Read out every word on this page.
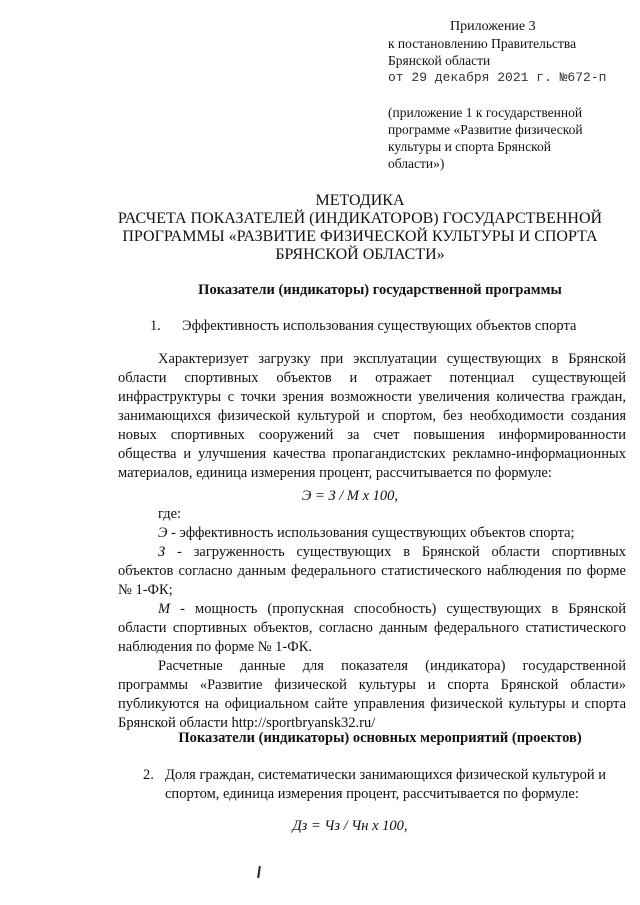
Приложение 3
к постановлению Правительства
Брянской области
от 29 декабря 2021 г. №672-п
(приложение 1 к государственной
программе «Развитие физической
культуры и спорта Брянской
области»)
МЕТОДИКА
РАСЧЕТА ПОКАЗАТЕЛЕЙ (ИНДИКАТОРОВ) ГОСУДАРСТВЕННОЙ
ПРОГРАММЫ «РАЗВИТИЕ ФИЗИЧЕСКОЙ КУЛЬТУРЫ И СПОРТА
БРЯНСКОЙ ОБЛАСТИ»
Показатели (индикаторы) государственной программы
1. Эффективность использования существующих объектов спорта
Характеризует загрузку при эксплуатации существующих в Брянской области спортивных объектов и отражает потенциал существующей инфраструктуры с точки зрения возможности увеличения количества граждан, занимающихся физической культурой и спортом, без необходимости создания новых спортивных сооружений за счет повышения информированности общества и улучшения качества пропагандистских рекламно-информационных материалов, единица измерения процент, рассчитывается по формуле:
Э = З / М х 100,
где:
Э - эффективность использования существующих объектов спорта;
З - загруженность существующих в Брянской области спортивных объектов согласно данным федерального статистического наблюдения по форме № 1-ФК;
М - мощность (пропускная способность) существующих в Брянской области спортивных объектов, согласно данным федерального статистического наблюдения по форме № 1-ФК.
Расчетные данные для показателя (индикатора) государственной программы «Развитие физической культуры и спорта Брянской области» публикуются на официальном сайте управления физической культуры и спорта Брянской области http://sportbryansk32.ru/
Показатели (индикаторы) основных мероприятий (проектов)
2. Доля граждан, систематически занимающихся физической культурой и спортом, единица измерения процент, рассчитывается по формуле:
Дз = Чз / Чн х 100,
